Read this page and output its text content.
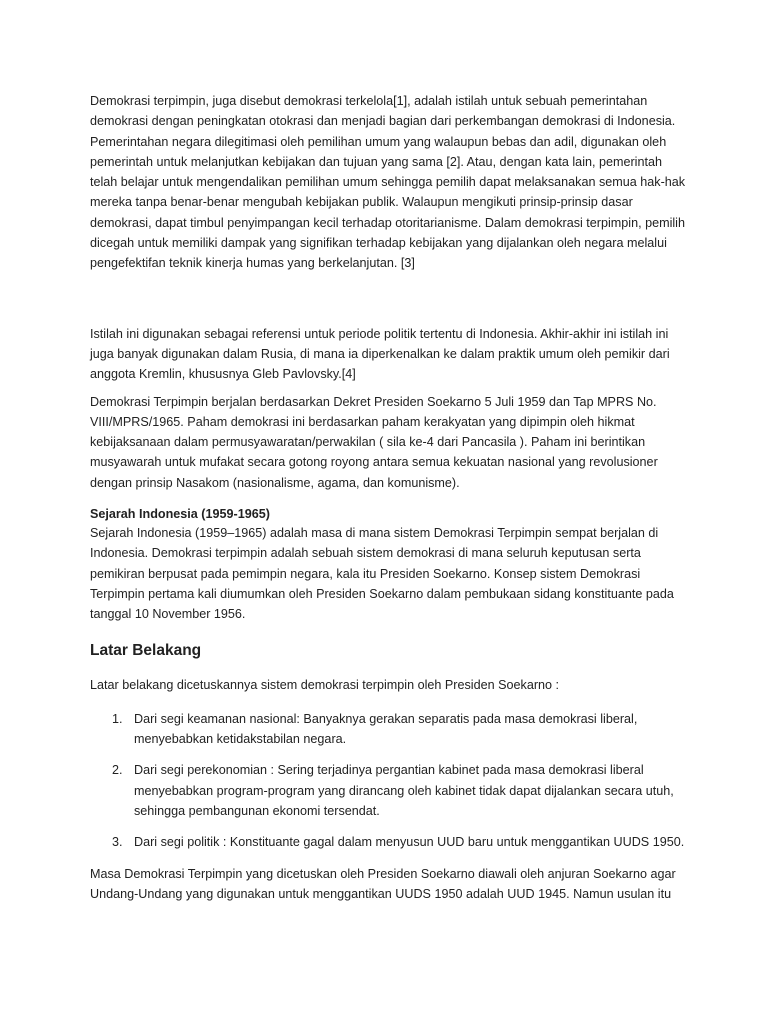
Demokrasi terpimpin, juga disebut demokrasi terkelola[1], adalah istilah untuk sebuah pemerintahan demokrasi dengan peningkatan otokrasi dan menjadi bagian dari perkembangan demokrasi di Indonesia. Pemerintahan negara dilegitimasi oleh pemilihan umum yang walaupun bebas dan adil, digunakan oleh pemerintah untuk melanjutkan kebijakan dan tujuan yang sama [2]. Atau, dengan kata lain, pemerintah telah belajar untuk mengendalikan pemilihan umum sehingga pemilih dapat melaksanakan semua hak-hak mereka tanpa benar-benar mengubah kebijakan publik. Walaupun mengikuti prinsip-prinsip dasar demokrasi, dapat timbul penyimpangan kecil terhadap otoritarianisme. Dalam demokrasi terpimpin, pemilih dicegah untuk memiliki dampak yang signifikan terhadap kebijakan yang dijalankan oleh negara melalui pengefektifan teknik kinerja humas yang berkelanjutan. [3]

Istilah ini digunakan sebagai referensi untuk periode politik tertentu di Indonesia. Akhir-akhir ini istilah ini juga banyak digunakan dalam Rusia, di mana ia diperkenalkan ke dalam praktik umum oleh pemikir dari anggota Kremlin, khususnya Gleb Pavlovsky.[4]

Demokrasi Terpimpin berjalan berdasarkan Dekret Presiden Soekarno 5 Juli 1959 dan Tap MPRS No. VIII/MPRS/1965. Paham demokrasi ini berdasarkan paham kerakyatan yang dipimpin oleh hikmat kebijaksanaan dalam permusyawaratan/perwakilan ( sila ke-4 dari Pancasila ). Paham ini berintikan musyawarah untuk mufakat secara gotong royong antara semua kekuatan nasional yang revolusioner dengan prinsip Nasakom (nasionalisme, agama, dan komunisme).

Sejarah Indonesia (1959-1965)

Sejarah Indonesia (1959–1965) adalah masa di mana sistem Demokrasi Terpimpin sempat berjalan di Indonesia. Demokrasi terpimpin adalah sebuah sistem demokrasi di mana seluruh keputusan serta pemikiran berpusat pada pemimpin negara, kala itu Presiden Soekarno. Konsep sistem Demokrasi Terpimpin pertama kali diumumkan oleh Presiden Soekarno dalam pembukaan sidang konstituante pada tanggal 10 November 1956.

Latar Belakang

Latar belakang dicetuskannya sistem demokrasi terpimpin oleh Presiden Soekarno :

1. Dari segi keamanan nasional: Banyaknya gerakan separatis pada masa demokrasi liberal, menyebabkan ketidakstabilan negara.
2. Dari segi perekonomian : Sering terjadinya pergantian kabinet pada masa demokrasi liberal menyebabkan program-program yang dirancang oleh kabinet tidak dapat dijalankan secara utuh, sehingga pembangunan ekonomi tersendat.
3. Dari segi politik : Konstituante gagal dalam menyusun UUD baru untuk menggantikan UUDS 1950.

Masa Demokrasi Terpimpin yang dicetuskan oleh Presiden Soekarno diawali oleh anjuran Soekarno agar Undang-Undang yang digunakan untuk menggantikan UUDS 1950 adalah UUD 1945. Namun usulan itu
